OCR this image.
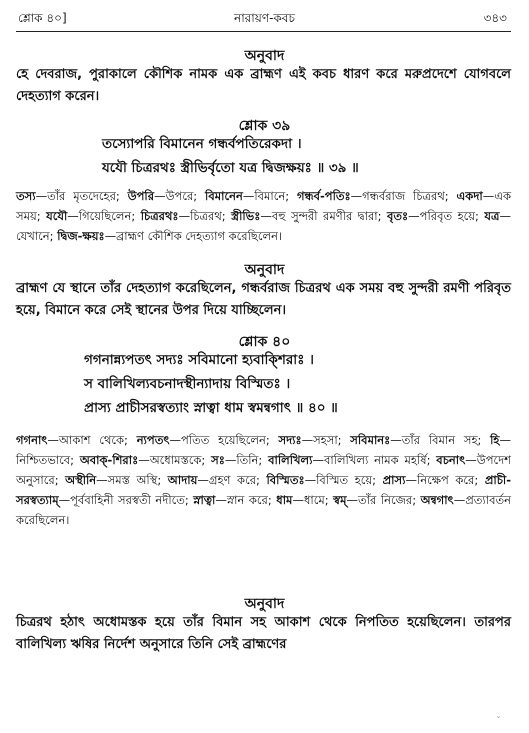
শ্লোক ৪০]	নারায়ণ-কবচ	৩৪৩
অনুবাদ
হে দেবরাজ, পুরাকালে কৌশিক নামক এক ব্রাহ্মণ এই কবচ ধারণ করে মরুপ্রদেশে যোগবলে দেহত্যাগ করেন।
শ্লোক ৩৯
তস্যোপরি বিমানেন গন্ধর্বপতিরেকদা ।
যযৌ চিত্ররথঃ স্ত্রীভির্বৃতো যত্র দ্বিজক্ষয়ঃ ॥ ৩৯ ॥
তস্য—তাঁর মৃতদেহের; উপরি—উপরে; বিমানেন—বিমানে; গন্ধর্ব-পতিঃ—গন্ধর্বরাজ চিত্ররথ; একদা—এক সময়; যযৌ—গিয়েছিলেন; চিত্ররথঃ—চিত্ররথ; স্ত্রীভিঃ—বহু সুন্দরী রমণীর দ্বারা; বৃতঃ—পরিবৃত হয়ে; যত্র—যেখানে; দ্বিজ-ক্ষয়ঃ—ব্রাহ্মণ কৌশিক দেহত্যাগ করেছিলেন।
অনুবাদ
ব্রাহ্মণ যে স্থানে তাঁর দেহত্যাগ করেছিলেন, গন্ধর্বরাজ চিত্ররথ এক সময় বহু সুন্দরী রমণী পরিবৃত হয়ে, বিমানে করে সেই স্থানের উপর দিয়ে যাচ্ছিলেন।
শ্লোক ৪০
গগনান্ন্যপতৎ সদ্যঃ সবিমানো হ্যবাক্শিরাঃ ।
স বালিখিল্যবচনাদস্থীন্যাদায় বিস্মিতঃ ।
প্রাস্য প্রাচীসরস্বত্যাং স্নাত্বা ধাম স্বমন্বগাৎ ॥ ৪০ ॥
গগনাৎ—আকাশ থেকে; ন্যপতৎ—পতিত হয়েছিলেন; সদ্যঃ—সহসা; সবিমানঃ—তাঁর বিমান সহ; হি—নিশ্চিতভাবে; অবাক্-শিরাঃ—অধোমস্তকে; সঃ—তিনি; বালিখিল্য—বালিখিল্য নামক মহর্ষি; বচনাৎ—উপদেশ অনুসারে; অস্থীনি—সমস্ত অস্থি; আদায়—গ্রহণ করে; বিস্মিতঃ—বিস্মিত হয়ে; প্রাস্য—নিক্ষেপ করে; প্রাচী-সরস্বত্যাম্—পূর্ববাহিনী সরস্বতী নদীতে; স্নাত্বা—স্নান করে; ধাম—ধামে; স্বম্—তাঁর নিজের; অন্বগাৎ—প্রত্যাবর্তন করেছিলেন।
অনুবাদ
চিত্ররথ হঠাৎ অধোমস্তক হয়ে তাঁর বিমান সহ আকাশ থেকে নিপতিত হয়েছিলেন। তারপর বালিখিল্য ঋষির নির্দেশ অনুসারে তিনি সেই ব্রাহ্মণের
ˇ
